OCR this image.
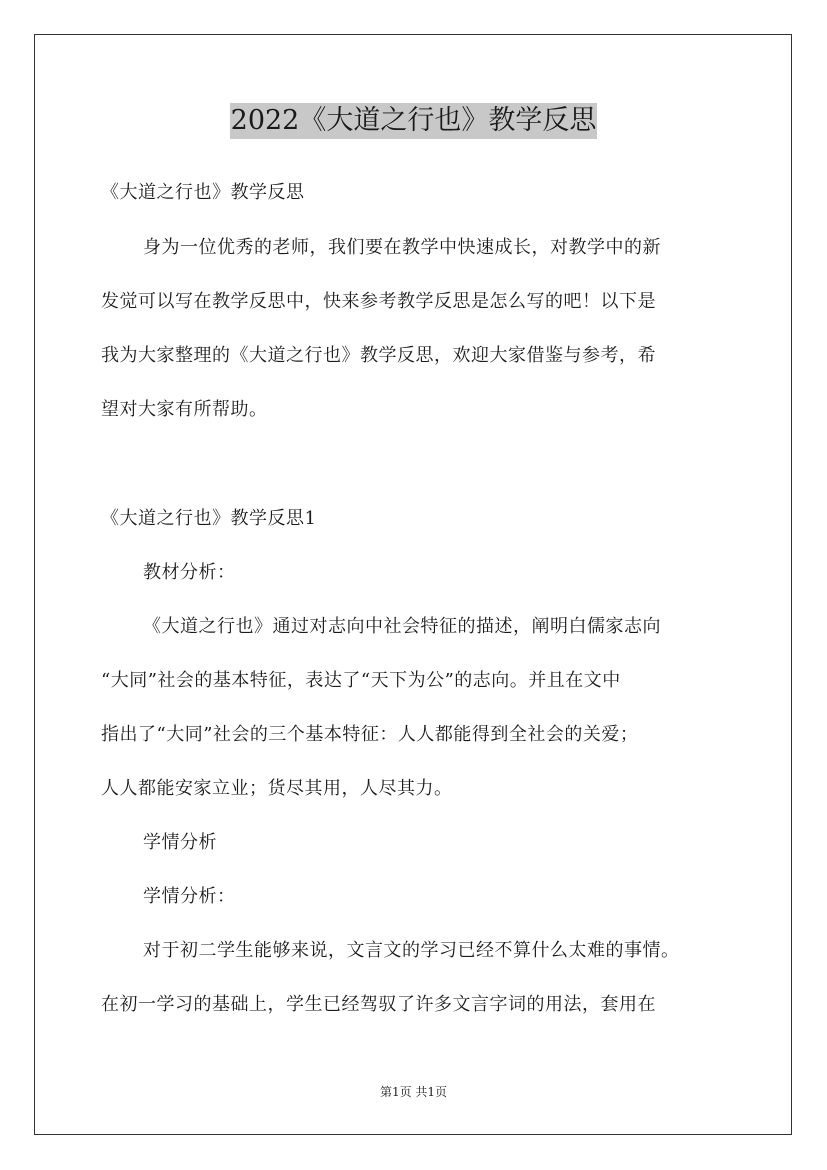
2022《大道之行也》教学反思
《大道之行也》教学反思
身为一位优秀的老师，我们要在教学中快速成长，对教学中的新
发觉可以写在教学反思中，快来参考教学反思是怎么写的吧！以下是
我为大家整理的《大道之行也》教学反思，欢迎大家借鉴与参考，希
望对大家有所帮助。
《大道之行也》教学反思1
教材分析：
《大道之行也》通过对志向中社会特征的描述，阐明白儒家志向
“大同”社会的基本特征，表达了“天下为公”的志向。并且在文中
指出了“大同”社会的三个基本特征：人人都能得到全社会的关爱；
人人都能安家立业；货尽其用，人尽其力。
学情分析
学情分析：
对于初二学生能够来说，文言文的学习已经不算什么太难的事情。
在初一学习的基础上，学生已经驾驭了许多文言字词的用法，套用在
第1页 共1页
